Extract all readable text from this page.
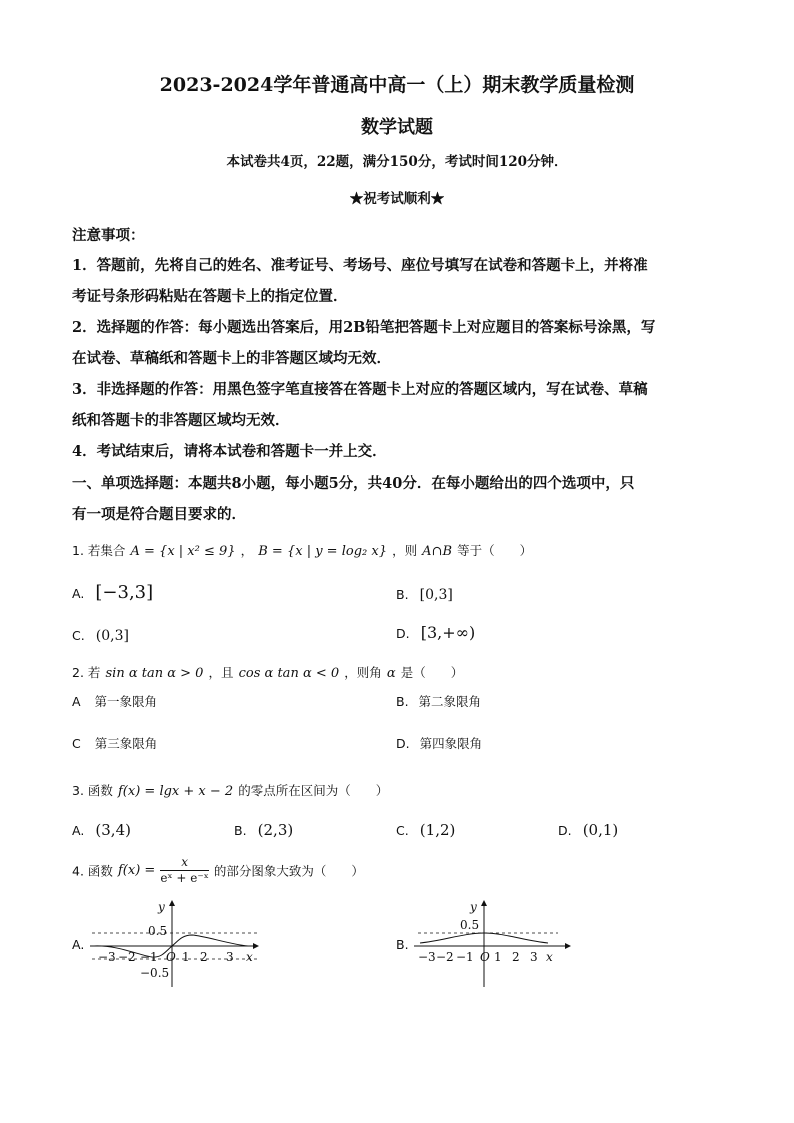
2023-2024学年普通高中高一（上）期末教学质量检测
数学试题
本试卷共4页，22题，满分150分，考试时间120分钟．
★祝考试顺利★
注意事项：
1．答题前，先将自己的姓名、准考证号、考场号、座位号填写在试卷和答题卡上，并将准
考证号条形码粘贴在答题卡上的指定位置．
2．选择题的作答：每小题选出答案后，用2B铅笔把答题卡上对应题目的答案标号涂黑，写
在试卷、草稿纸和答题卡上的非答题区域均无效．
3．非选择题的作答：用黑色签字笔直接答在答题卡上对应的答题区域内，写在试卷、草稿
纸和答题卡的非答题区域均无效．
4．考试结束后，请将本试卷和答题卡一并上交．
一、单项选择题：本题共8小题，每小题5分，共40分．在每小题给出的四个选项中，只
有一项是符合题目要求的．
1. 若集合 A = {x | x² ≤ 9} ， B = {x | y = log₂ x} ，则 A∩B 等于（　　）
A. [−3,3]	B. [0,3]
C. (0,3]	D. [3,+∞)
2. 若 sin α tan α > 0 ，且 cos α tan α < 0 ，则角 α 是（　　）
A 第一象限角	B. 第二象限角
C 第三象限角	D. 第四象限角
3. 函数 f(x) = lgx + x − 2 的零点所在区间为（　　）
A. (3,4)	B. (2,3)	C. (1,2)	D. (0,1)
4. 函数 $f(x) = \frac{x}{\text{eˣ + e⁻ˣ}}$ 的部分图象大致为（　　）
A.
0.5
−0.5
y
x
O
−3 −2 −1 1 2 3
B.
0.5
y
x
O
−3 −2 −1 1 2 3
